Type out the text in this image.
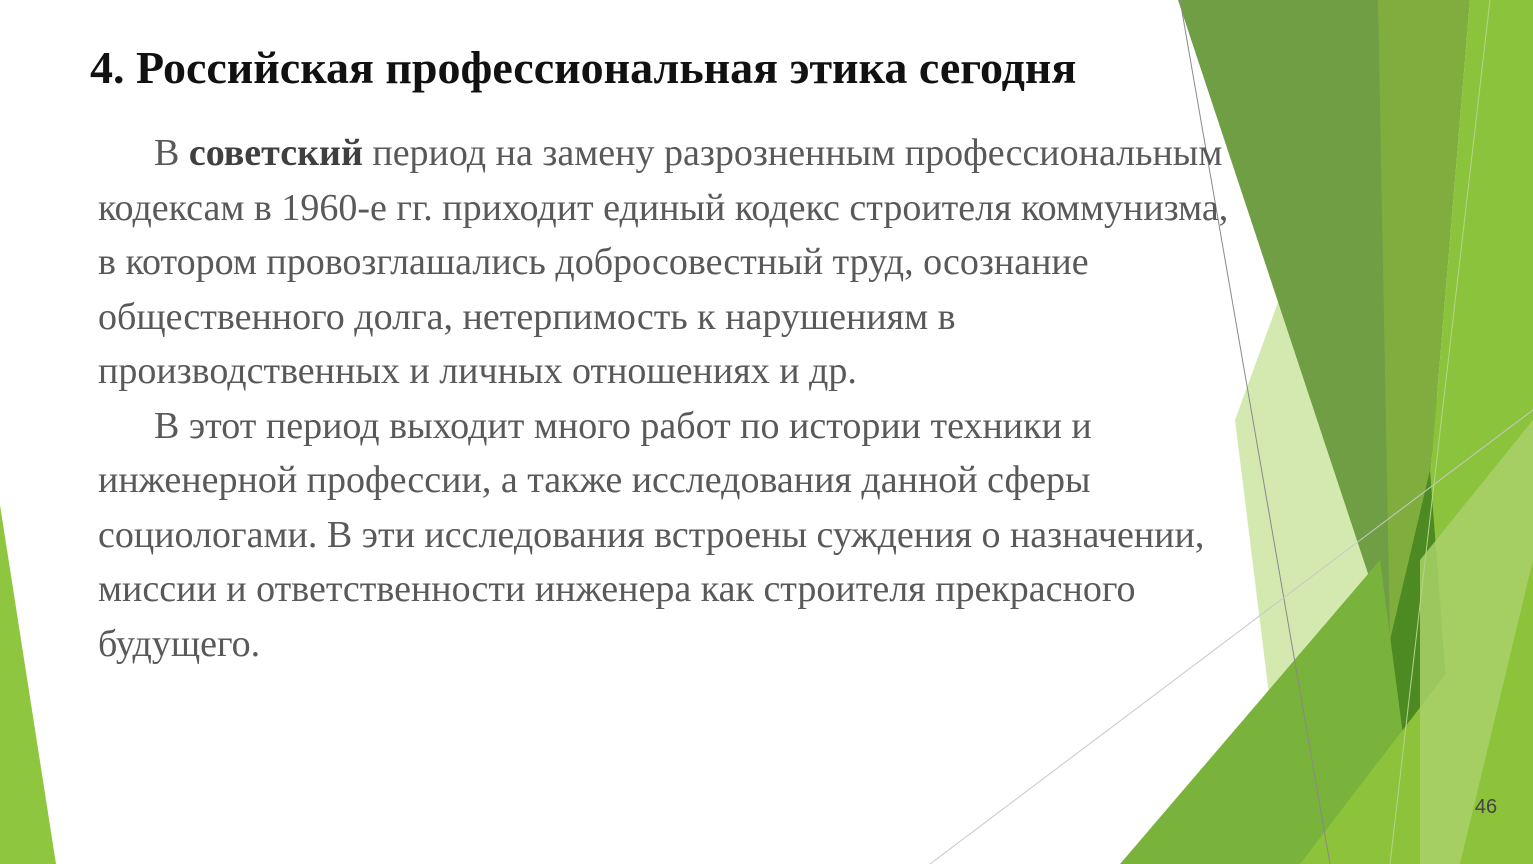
4. Российская профессиональная этика сегодня

В советский период на замену разрозненным профессиональным кодексам в 1960-е гг. приходит единый кодекс строителя коммунизма, в котором провозглашались добросовестный труд, осознание общественного долга, нетерпимость к нарушениям в производственных и личных отношениях и др.

В этот период выходит много работ по истории техники и инженерной профессии, а также исследования данной сферы социологами. В эти исследования встроены суждения о назначении, миссии и ответственности инженера как строителя прекрасного будущего.

46
